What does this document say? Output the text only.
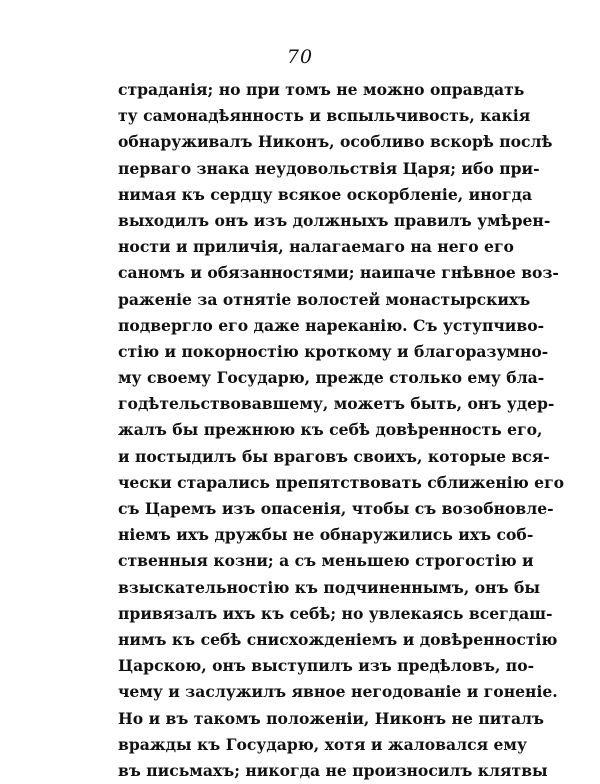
70
страданія; но при томъ не можно оправдать
ту самонадѣянность и вспыльчивость, какія
обнаруживалъ Никонъ, особливо вскорѣ послѣ
перваго знака неудовольствія Царя; ибо при-
нимая къ сердцу всякое оскорбленіе, иногда
выходилъ онъ изъ должныхъ правилъ умѣрен-
ности и приличія, налагаемаго на него его
саномъ и обязанностями; наипаче гнѣвное воз-
раженіе за отнятіе волостей монастырскихъ
подвергло его даже нареканію. Съ уступчиво-
стію и покорностію кроткому и благоразумно-
му своему Государю, прежде столько ему бла-
годѣтельствовавшему, можетъ быть, онъ удер-
жалъ бы прежнюю къ себѣ довѣренность его,
и постыдилъ бы враговъ своихъ, которые вся-
чески старались препятствовать сближенію его
съ Царемъ изъ опасенія, чтобы съ возобновле-
ніемъ ихъ дружбы не обнаружились ихъ соб-
ственныя козни; а съ меньшею строгостію и
взыскательностію къ подчиненнымъ, онъ бы
привязалъ ихъ къ себѣ; но увлекаясь всегдаш-
нимъ къ себѣ снисхожденіемъ и довѣренностію
Царскою, онъ выступилъ изъ предѣловъ, по-
чему и заслужилъ явное негодованіе и гоненіе.
Но и въ такомъ положеніи, Никонъ не питалъ
вражды къ Государю, хотя и жаловался ему
въ письмахъ; никогда не произносилъ клятвы
